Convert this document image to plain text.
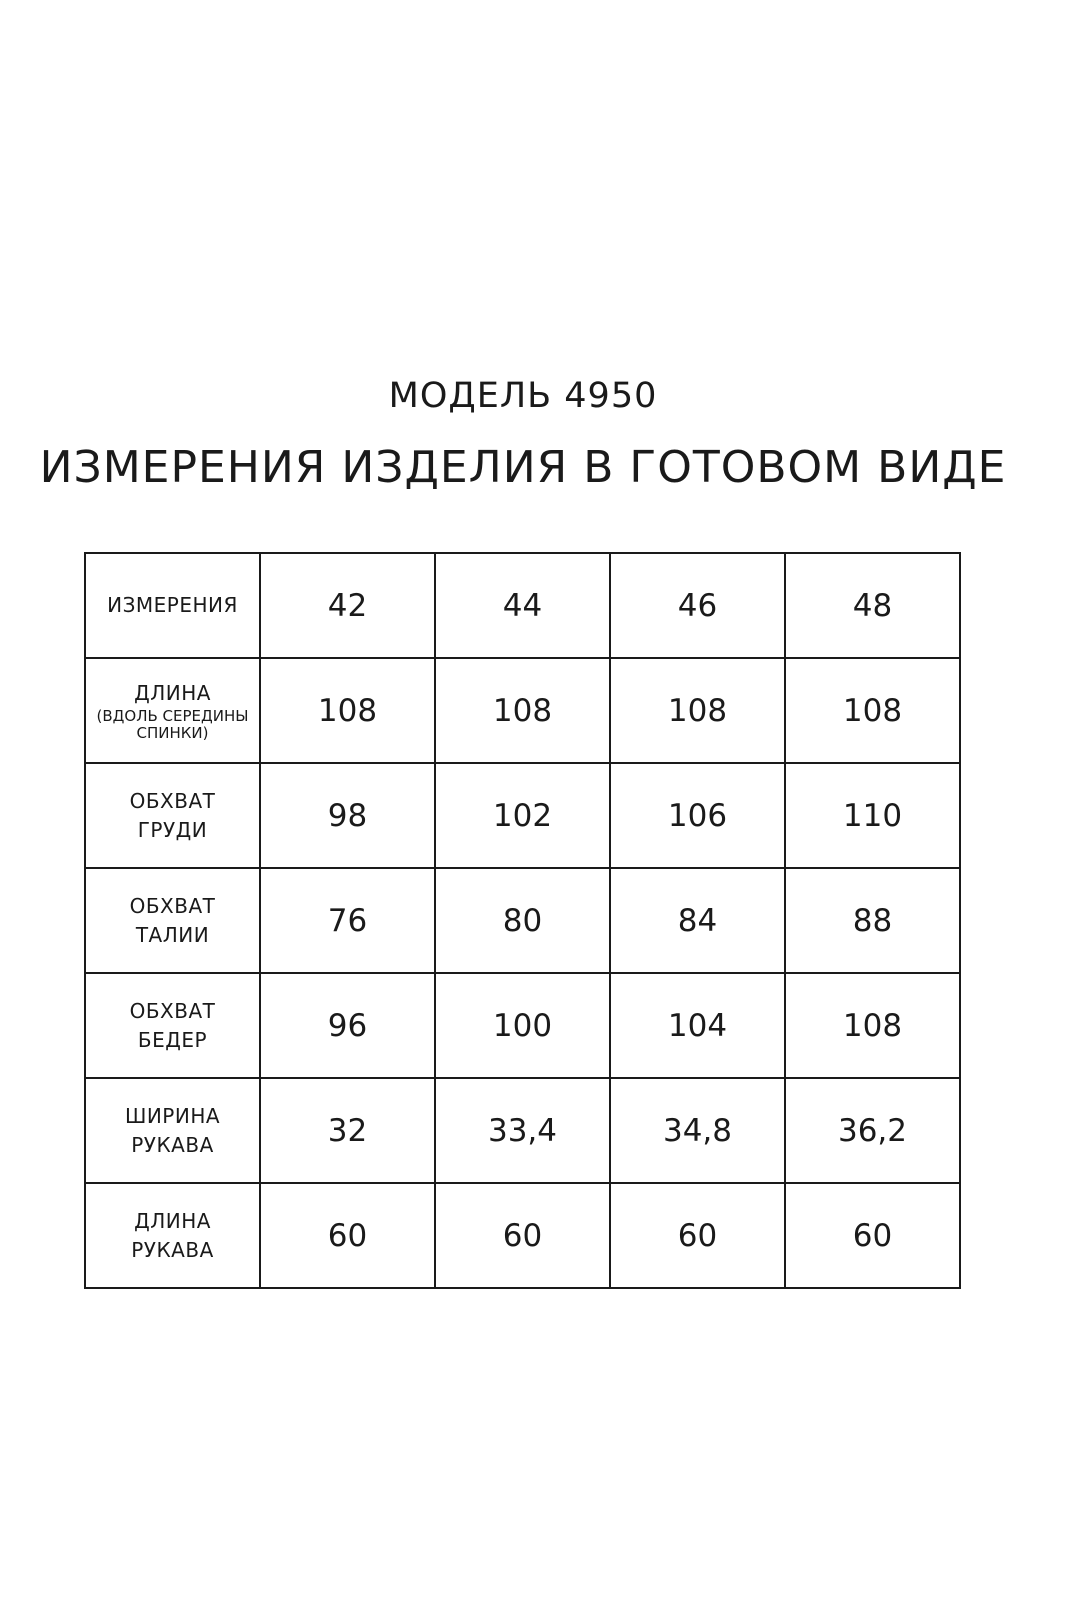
МОДЕЛЬ 4950
ИЗМЕРЕНИЯ ИЗДЕЛИЯ В ГОТОВОМ ВИДЕ
ИЗМЕРЕНИЯ	42	44	46	48

ДЛИНА
(ВДОЛЬ СЕРЕДИНЫ
СПИНКИ)	108	108	108	108

ОБХВАТ
ГРУДИ	98	102	106	110

ОБХВАТ
ТАЛИИ	76	80	84	88

ОБХВАТ
БЕДЕР	96	100	104	108

ШИРИНА
РУКАВА	32	33,4	34,8	36,2

ДЛИНА
РУКАВА	60	60	60	60
